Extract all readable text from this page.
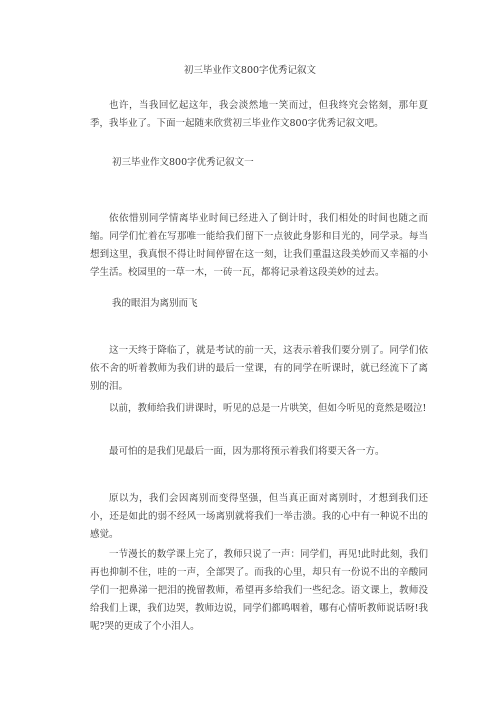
初三毕业作文800字优秀记叙文

也许，当我回忆起这年，我会淡然地一笑而过，但我终究会铭刻，那年夏季，我毕业了。下面一起随来欣赏初三毕业作文800字优秀记叙文吧。

初三毕业作文800字优秀记叙文一

依依惜别同学情离毕业时间已经进入了倒计时，我们相处的时间也随之而缩。同学们忙着在写那唯一能给我们留下一点彼此身影和目光的，同学录。每当想到这里，我真恨不得让时间停留在这一刻，让我们重温这段美妙而又幸福的小学生活。校园里的一草一木，一砖一瓦，都将记录着这段美妙的过去。

我的眼泪为离别而飞

这一天终于降临了，就是考试的前一天，这表示着我们要分别了。同学们依依不舍的听着教师为我们讲的最后一堂课，有的同学在听课时，就已经流下了离别的泪。

以前，教师给我们讲课时，听见的总是一片哄笑，但如今听见的竟然是啜泣!

最可怕的是我们见最后一面，因为那将预示着我们将要天各一方。

原以为，我们会因离别而变得坚强，但当真正面对离别时，才想到我们还小，还是如此的弱不经风一场离别就将我们一举击溃。我的心中有一种说不出的感觉。

一节漫长的数学课上完了，教师只说了一声：同学们，再见!此时此刻，我们再也抑制不住，哇的一声，全部哭了。而我的心里，却只有一份说不出的辛酸同学们一把鼻涕一把泪的挽留教师，希望再多给我们一些纪念。语文课上，教师没给我们上课，我们边哭，教师边说，同学们都鸣咽着，哪有心情听教师说话呀!我呢?哭的更成了个小泪人。
